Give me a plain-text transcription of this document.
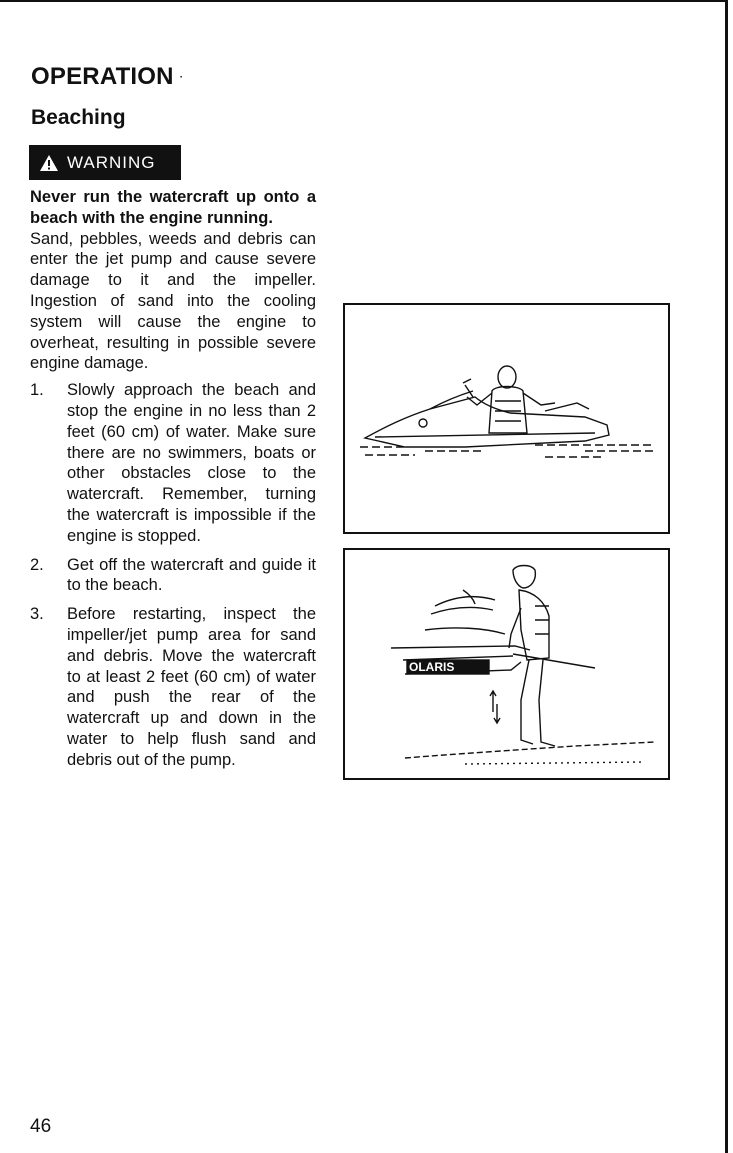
OPERATION ·
Beaching
WARNING
Never run the watercraft up onto a beach with the engine running.
Sand, pebbles, weeds and debris can enter the jet pump and cause severe damage to it and the impeller. Ingestion of sand into the cooling system will cause the engine to overheat, resulting in possible severe engine damage.
1.	Slowly approach the beach and stop the engine in no less than 2 feet (60 cm) of water. Make sure there are no swimmers, boats or other obstacles close to the watercraft. Remember, turning the watercraft is impossible if the engine is stopped.
2.	Get off the watercraft and guide it to the beach.
3.	Before restarting, inspect the impeller/jet pump area for sand and debris. Move the watercraft to at least 2 feet (60 cm) of water and push the rear of the watercraft up and down in the water to help flush sand and debris out of the pump.
OLARIS
46
